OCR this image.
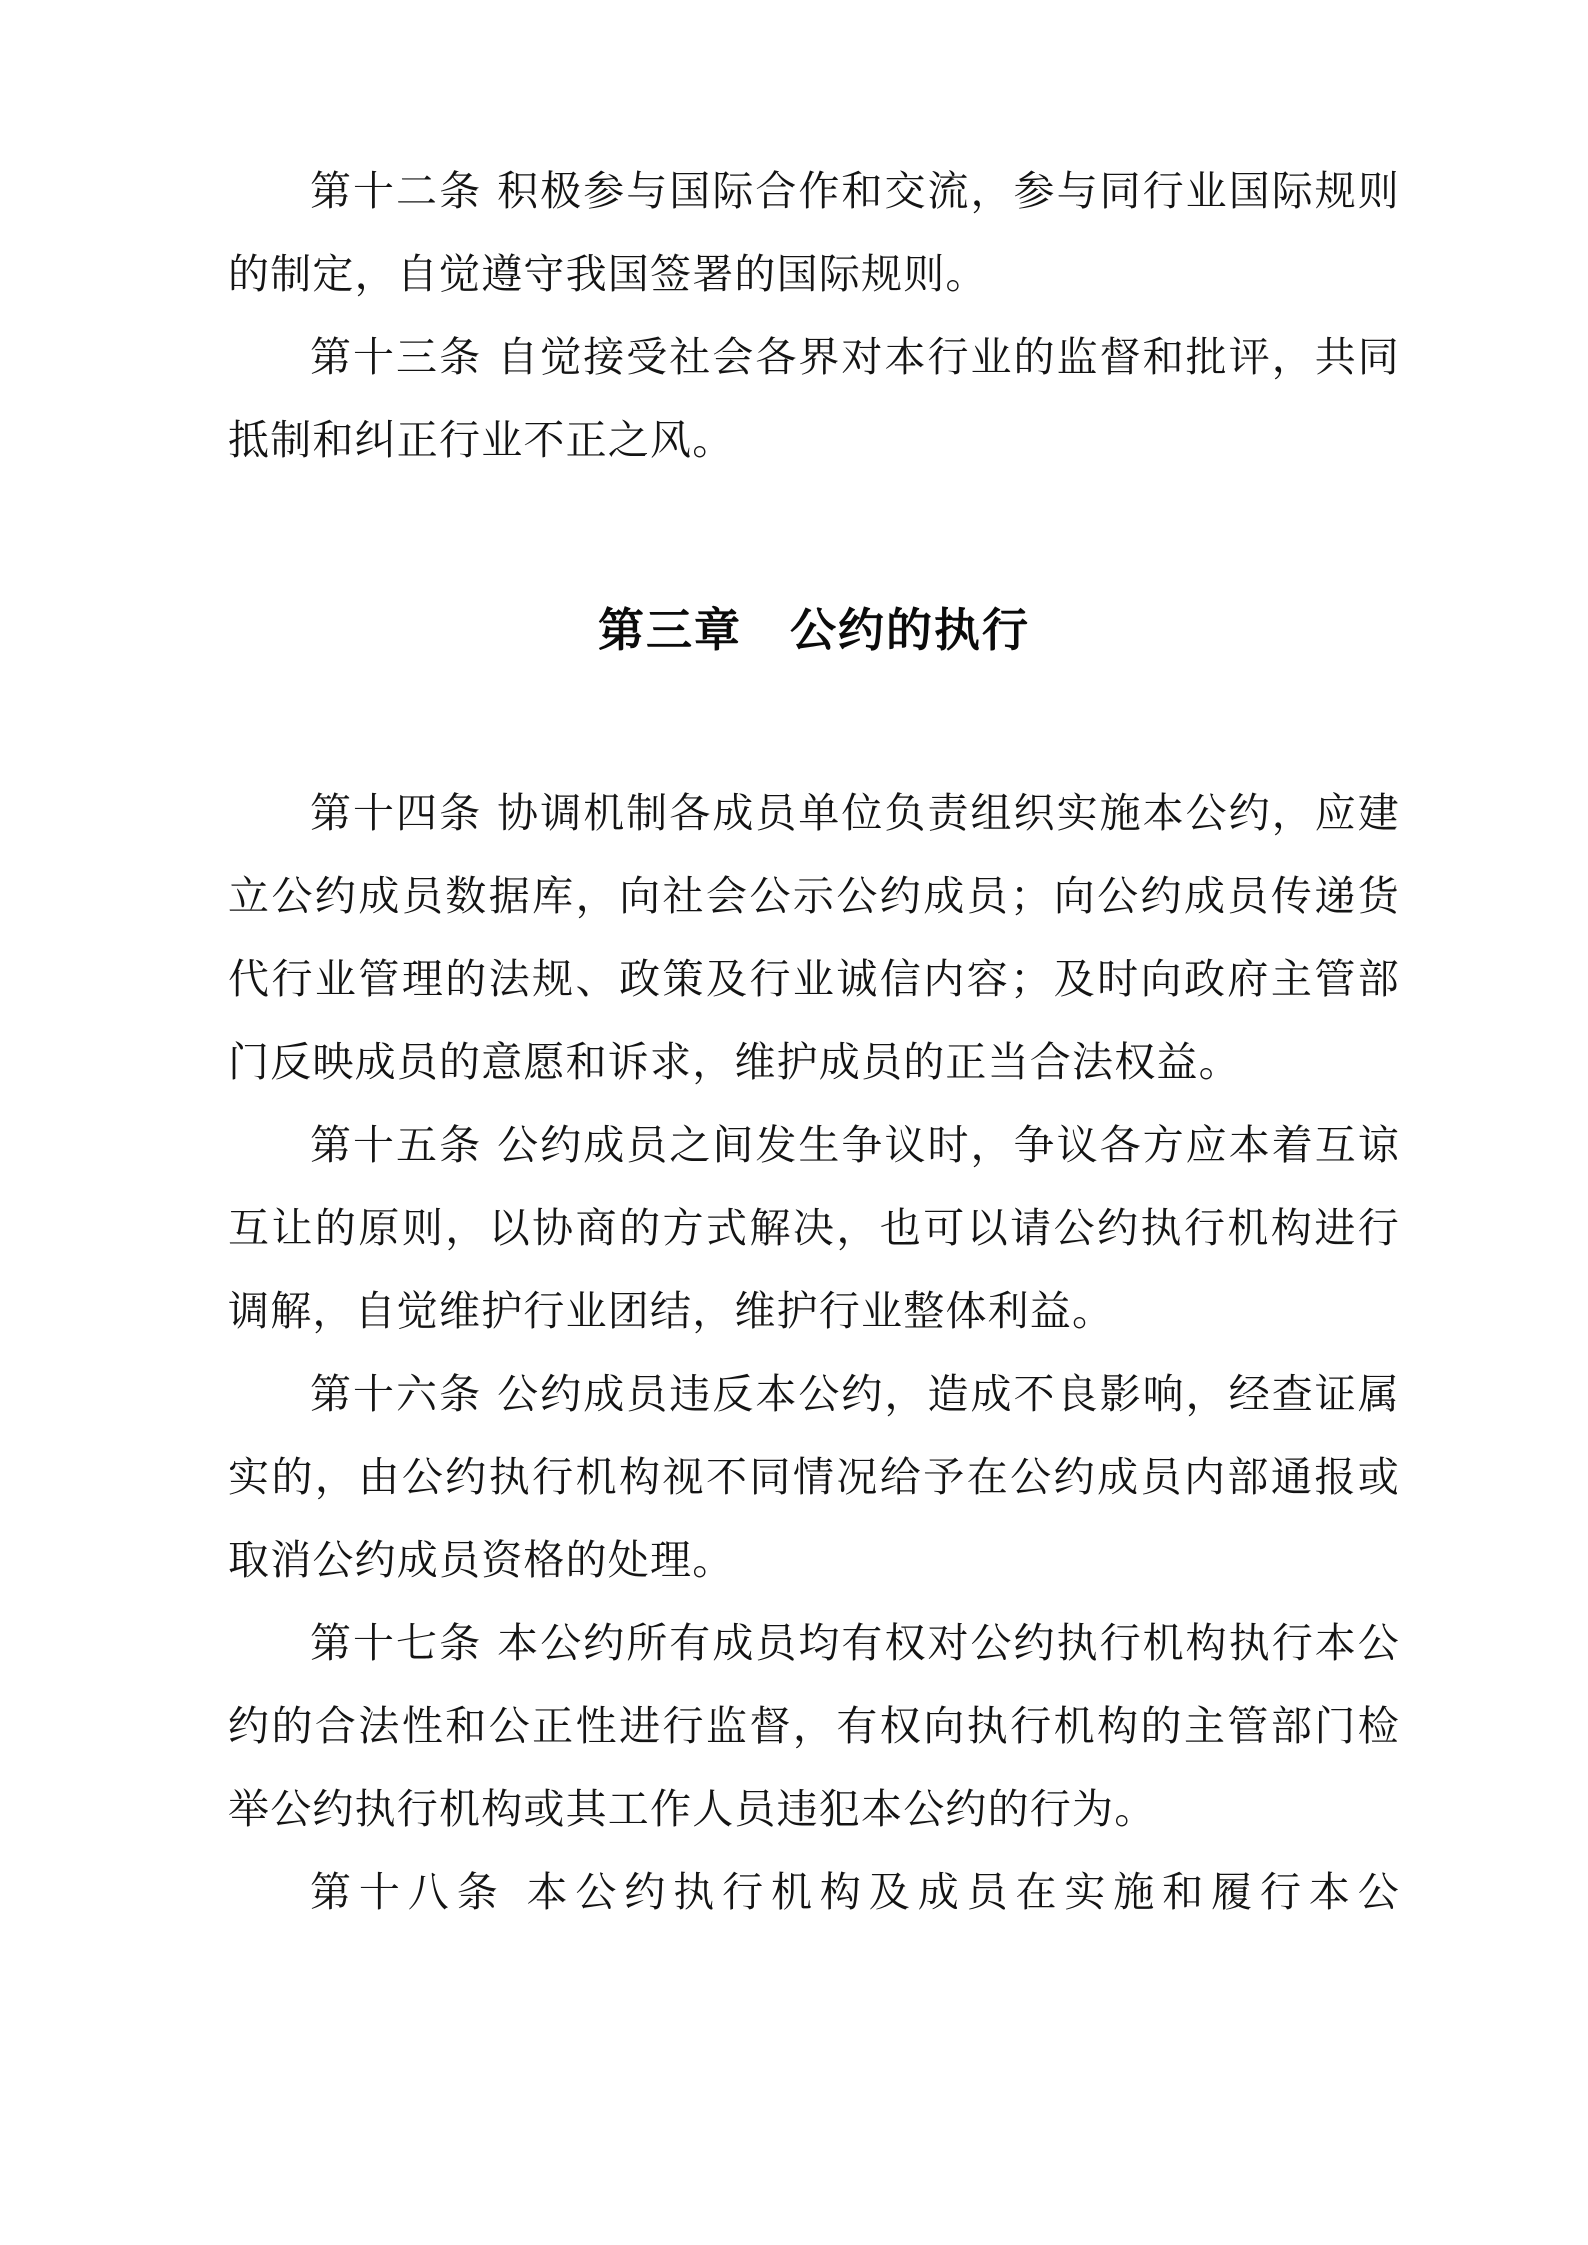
第十二条 积极参与国际合作和交流，参与同行业国际规则的制定，自觉遵守我国签署的国际规则。

第十三条 自觉接受社会各界对本行业的监督和批评，共同抵制和纠正行业不正之风。

第三章 公约的执行

第十四条 协调机制各成员单位负责组织实施本公约，应建立公约成员数据库，向社会公示公约成员；向公约成员传递货代行业管理的法规、政策及行业诚信内容；及时向政府主管部门反映成员的意愿和诉求，维护成员的正当合法权益。

第十五条 公约成员之间发生争议时，争议各方应本着互谅互让的原则，以协商的方式解决，也可以请公约执行机构进行调解，自觉维护行业团结，维护行业整体利益。

第十六条 公约成员违反本公约，造成不良影响，经查证属实的，由公约执行机构视不同情况给予在公约成员内部通报或取消公约成员资格的处理。

第十七条 本公约所有成员均有权对公约执行机构执行本公约的合法性和公正性进行监督，有权向执行机构的主管部门检举公约执行机构或其工作人员违犯本公约的行为。

第十八条 本公约执行机构及成员在实施和履行本公
